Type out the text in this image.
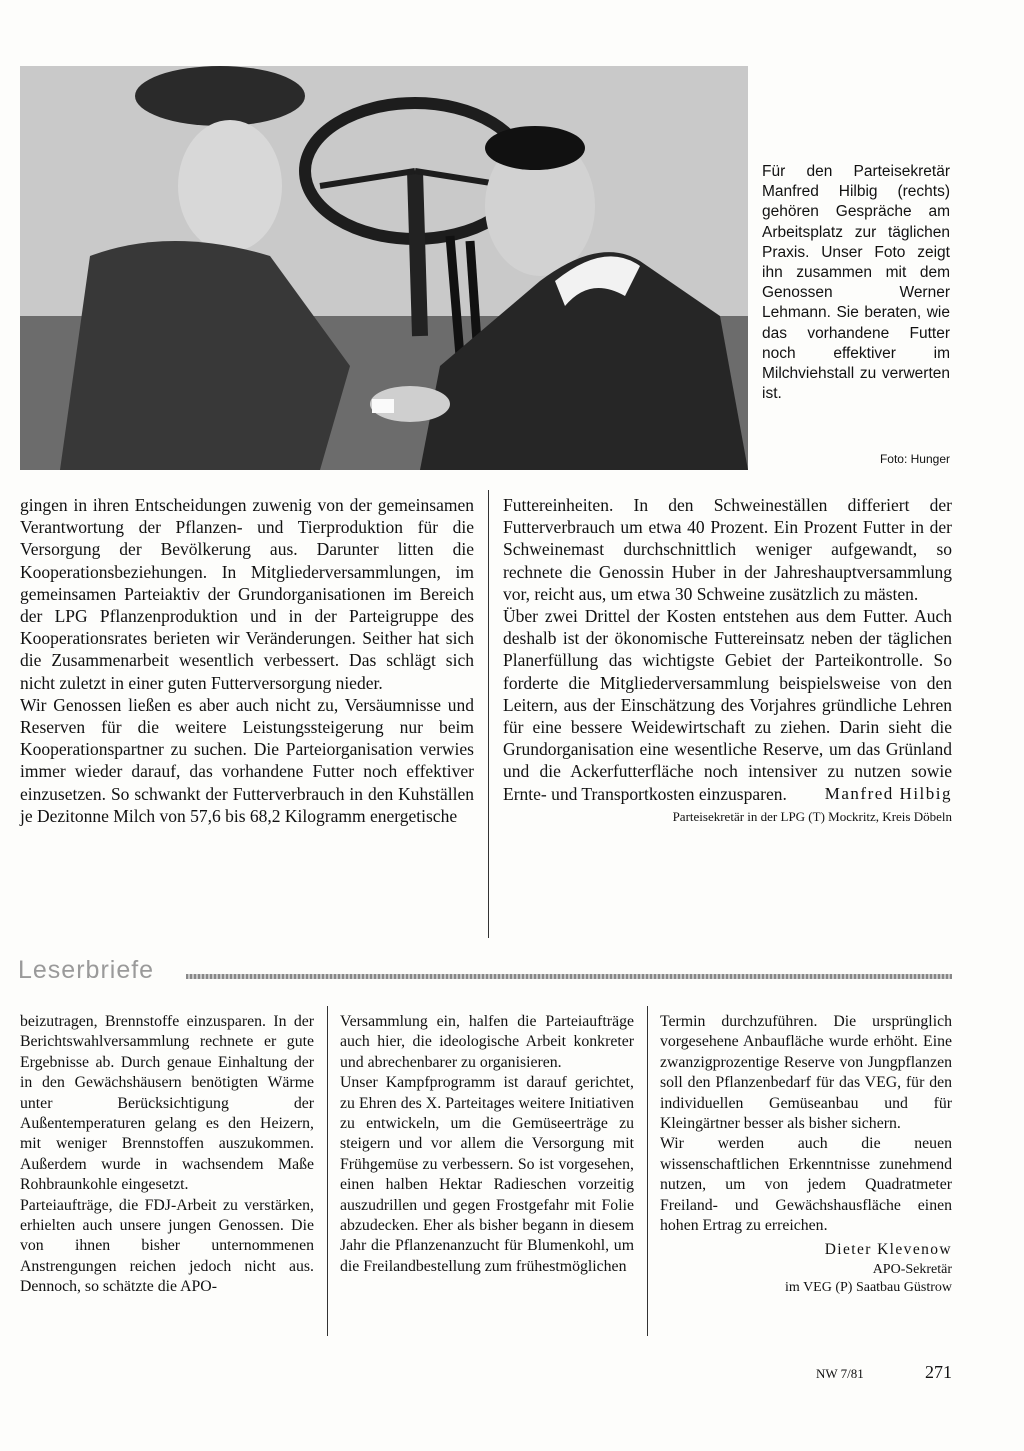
Für den Parteisekretär Manfred Hilbig (rechts) gehören Gespräche am Arbeitsplatz zur täglichen Praxis. Unser Foto zeigt ihn zusammen mit dem Genossen Werner Lehmann. Sie beraten, wie das vorhandene Futter noch effektiver im Milchviehstall zu verwerten ist.
Foto: Hunger

gingen in ihren Entscheidungen zuwenig von der gemeinsamen Verantwortung der Pflanzen- und Tierproduktion für die Versorgung der Bevölkerung aus. Darunter litten die Kooperationsbeziehungen. In Mitgliederversammlungen, im gemeinsamen Parteiaktiv der Grundorganisationen im Bereich der LPG Pflanzenproduktion und in der Parteigruppe des Kooperationsrates berieten wir Veränderungen. Seither hat sich die Zusammenarbeit wesentlich verbessert. Das schlägt sich nicht zuletzt in einer guten Futterversorgung nieder.

Wir Genossen ließen es aber auch nicht zu, Versäumnisse und Reserven für die weitere Leistungssteigerung nur beim Kooperationspartner zu suchen. Die Parteiorganisation verwies immer wieder darauf, das vorhandene Futter noch effektiver einzusetzen. So schwankt der Futterverbrauch in den Kuhställen je Dezitonne Milch von 57,6 bis 68,2 Kilogramm energetische

Futtereinheiten. In den Schweineställen differiert der Futterverbrauch um etwa 40 Prozent. Ein Prozent Futter in der Schweinemast durchschnittlich weniger aufgewandt, so rechnete die Genossin Huber in der Jahreshauptversammlung vor, reicht aus, um etwa 30 Schweine zusätzlich zu mästen.

Über zwei Drittel der Kosten entstehen aus dem Futter. Auch deshalb ist der ökonomische Futtereinsatz neben der täglichen Planerfüllung das wichtigste Gebiet der Parteikontrolle. So forderte die Mitgliederversammlung beispielsweise von den Leitern, aus der Einschätzung des Vorjahres gründliche Lehren für eine bessere Weidewirtschaft zu ziehen. Darin sieht die Grundorganisation eine wesentliche Reserve, um das Grünland und die Ackerfutterfläche noch intensiver zu nutzen sowie Ernte- und Transportkosten einzusparen.	Manfred Hilbig
Parteisekretär in der LPG (T) Mockritz, Kreis Döbeln
Leserbriefe

beizutragen, Brennstoffe einzusparen. In der Berichtswahlversammlung rechnete er gute Ergebnisse ab. Durch genaue Einhaltung der in den Gewächshäusern benötigten Wärme unter Berücksichtigung der Außentemperaturen gelang es den Heizern, mit weniger Brennstoffen auszukommen. Außerdem wurde in wachsendem Maße Rohbraunkohle eingesetzt.

Parteiaufträge, die FDJ-Arbeit zu verstärken, erhielten auch unsere jungen Genossen. Die von ihnen bisher unternommenen Anstrengungen reichen jedoch nicht aus. Dennoch, so schätzte die APO-

Versammlung ein, halfen die Parteiaufträge auch hier, die ideologische Arbeit konkreter und abrechenbarer zu organisieren.

Unser Kampfprogramm ist darauf gerichtet, zu Ehren des X. Parteitages weitere Initiativen zu entwickeln, um die Gemüseerträge zu steigern und vor allem die Versorgung mit Frühgemüse zu verbessern. So ist vorgesehen, einen halben Hektar Radieschen vorzeitig auszudrillen und gegen Frostgefahr mit Folie abzudecken. Eher als bisher begann in diesem Jahr die Pflanzenanzucht für Blumenkohl, um die Freilandbestellung zum frühestmöglichen

Termin durchzuführen. Die ursprünglich vorgesehene Anbaufläche wurde erhöht. Eine zwanzigprozentige Reserve von Jungpflanzen soll den Pflanzenbedarf für das VEG, für den individuellen Gemüseanbau und für Kleingärtner besser als bisher sichern.

Wir werden auch die neuen wissenschaftlichen Erkenntnisse zunehmend nutzen, um von jedem Quadratmeter Freiland- und Gewächshausfläche einen hohen Ertrag zu erreichen.

Dieter Klevenow
APO-Sekretär
im VEG (P) Saatbau Güstrow
NW 7/81	271
